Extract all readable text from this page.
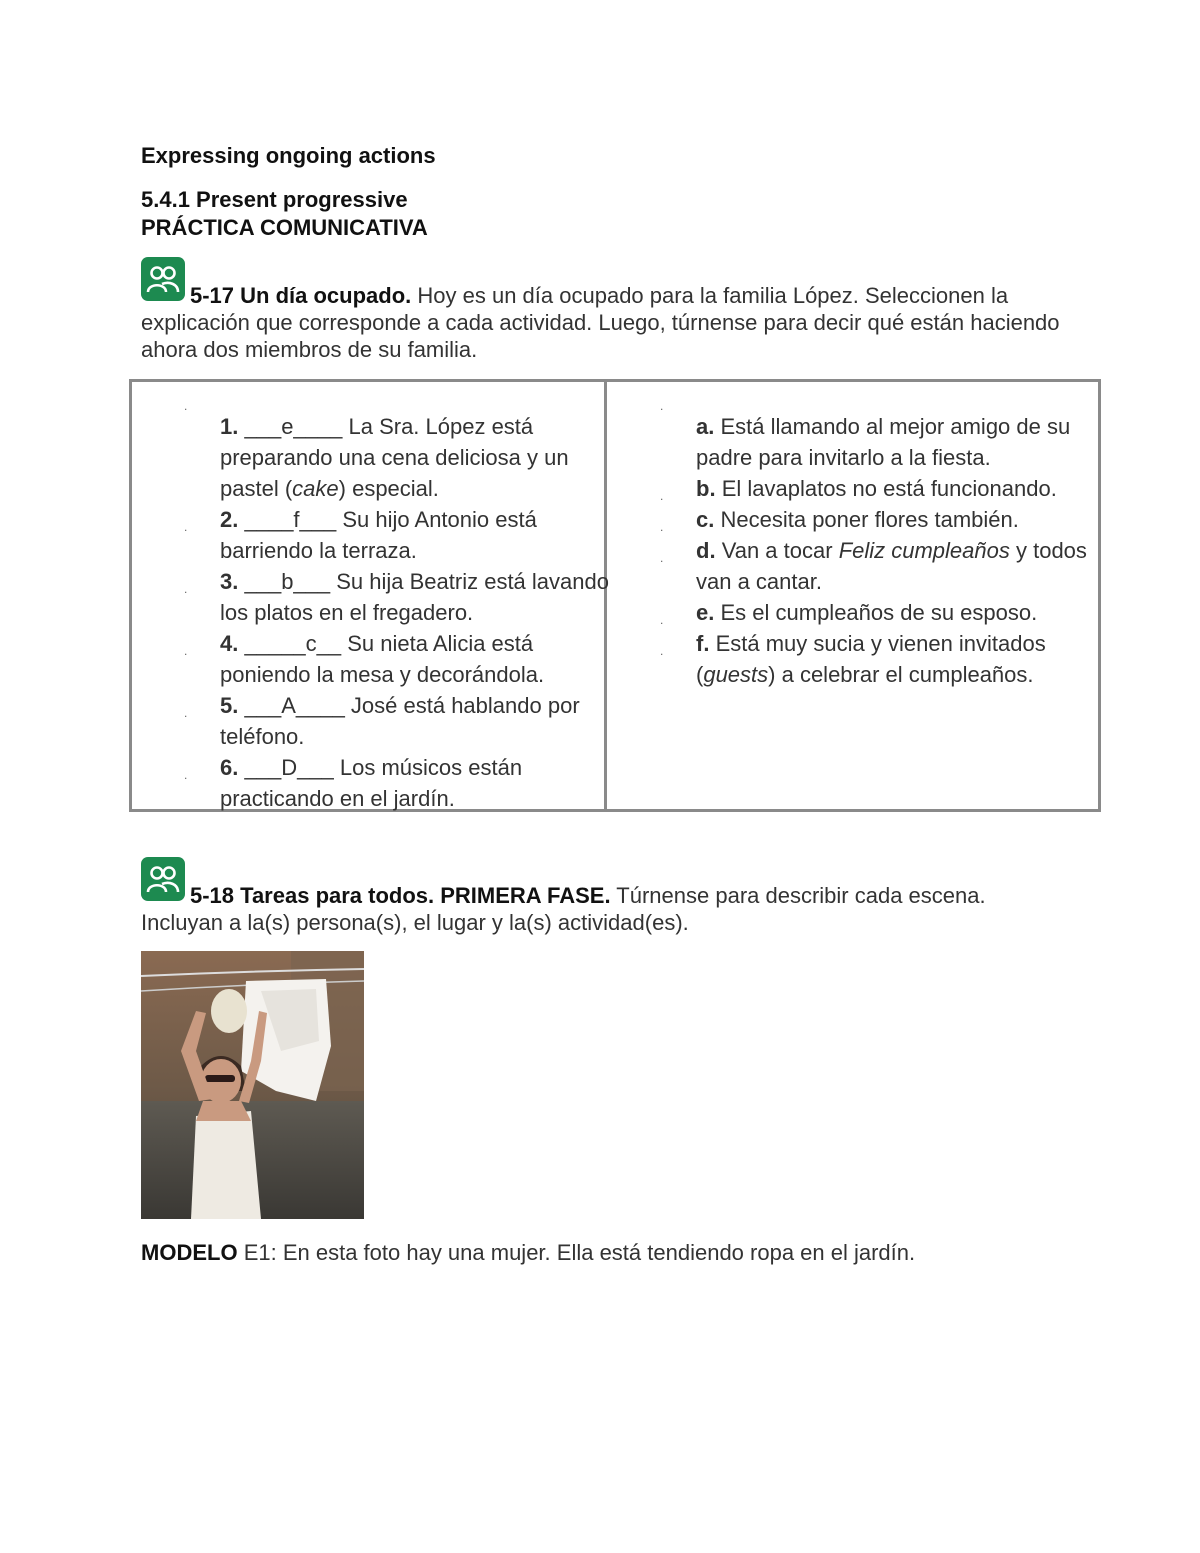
Expressing ongoing actions
5.4.1 Present progressive
PRÁCTICA COMUNICATIVA
5-17 Un día ocupado. Hoy es un día ocupado para la familia López. Seleccionen la explicación que corresponde a cada actividad. Luego, túrnense para decir qué están haciendo ahora dos miembros de su familia.
.
1. ___e____ La Sra. López está preparando una cena deliciosa y un pastel (cake) especial.
. 2. ____f___ Su hijo Antonio está barriendo la terraza.
. 3. ___b___ Su hija Beatriz está lavando los platos en el fregadero.
. 4. _____c__ Su nieta Alicia está poniendo la mesa y decorándola.
. 5. ___A____ José está hablando por teléfono.
. 6. ___D___ Los músicos están practicando en el jardín.
.
a. Está llamando al mejor amigo de su padre para invitarlo a la fiesta.
. b. El lavaplatos no está funcionando.
. c. Necesita poner flores también.
. d. Van a tocar Feliz cumpleaños y todos van a cantar.
. e. Es el cumpleaños de su esposo.
. f. Está muy sucia y vienen invitados (guests) a celebrar el cumpleaños.
5-18 Tareas para todos. PRIMERA FASE. Túrnense para describir cada escena. Incluyan a la(s) persona(s), el lugar y la(s) actividad(es).
MODELO E1: En esta foto hay una mujer. Ella está tendiendo ropa en el jardín.
